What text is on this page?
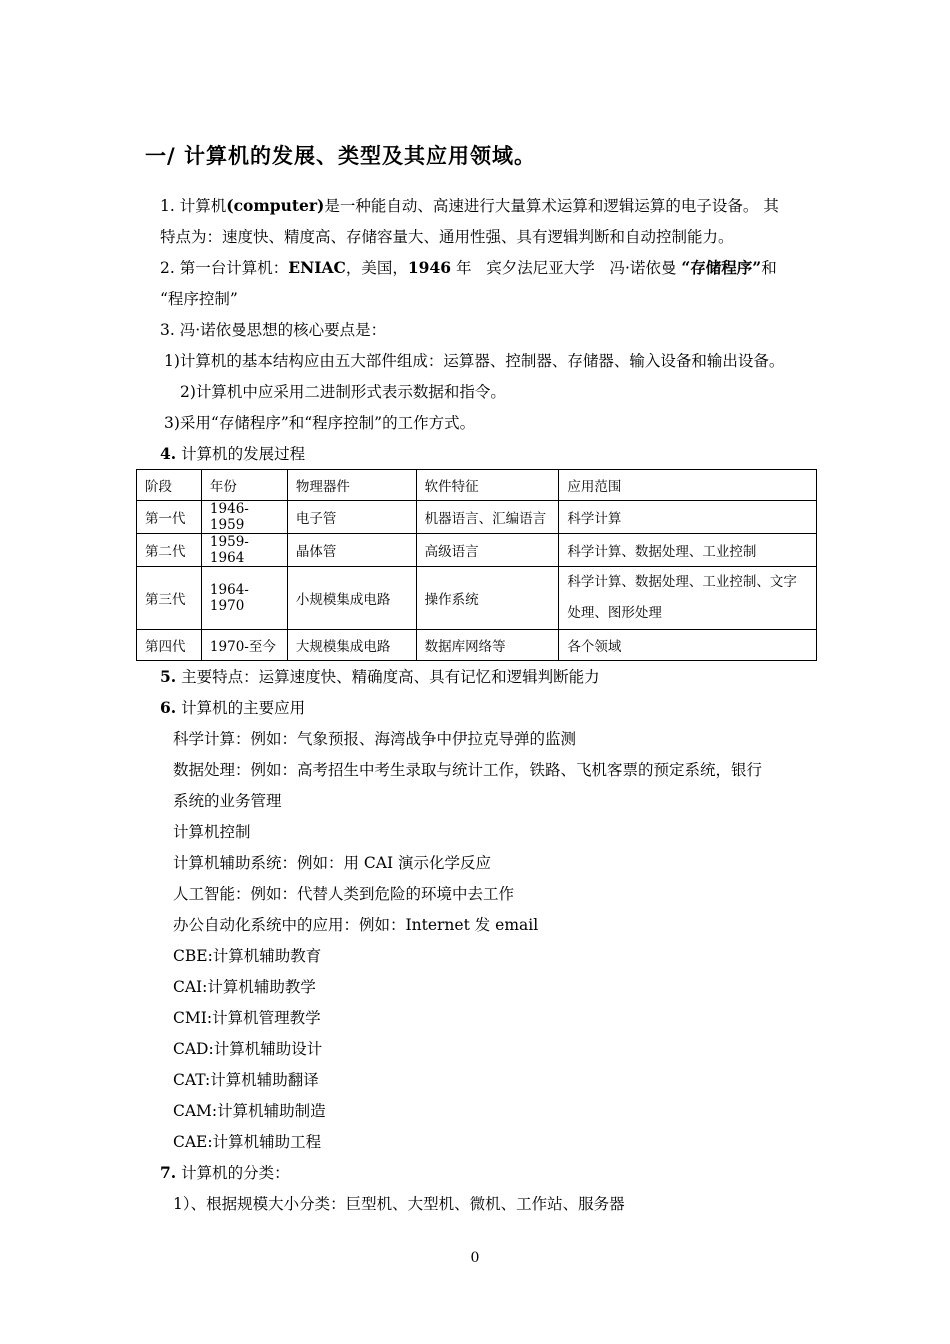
一/ 计算机的发展、类型及其应用领域。
1. 计算机(computer)是一种能自动、高速进行大量算术运算和逻辑运算的电子设备。 其
特点为：速度快、精度高、存储容量大、通用性强、具有逻辑判断和自动控制能力。
2. 第一台计算机：ENIAC，美国，1946 年   宾夕法尼亚大学   冯·诺依曼 “存储程序”和
“程序控制”
3. 冯·诺依曼思想的核心要点是：
1)计算机的基本结构应由五大部件组成：运算器、控制器、存储器、输入设备和输出设备。
2)计算机中应采用二进制形式表示数据和指令。
3)采用“存储程序”和“程序控制”的工作方式。
4. 计算机的发展过程
阶段	年份	物理器件	软件特征	应用范围
第一代	1946-1959	电子管	机器语言、汇编语言	科学计算
第二代	1959-1964	晶体管	高级语言	科学计算、数据处理、工业控制
第三代	1964-1970	小规模集成电路	操作系统	科学计算、数据处理、工业控制、文字处理、图形处理
第四代	1970-至今	大规模集成电路	数据库网络等	各个领域
5. 主要特点：运算速度快、精确度高、具有记忆和逻辑判断能力
6. 计算机的主要应用
科学计算：例如：气象预报、海湾战争中伊拉克导弹的监测
数据处理：例如：高考招生中考生录取与统计工作，铁路、飞机客票的预定系统，银行
系统的业务管理
计算机控制
计算机辅助系统：例如：用 CAI 演示化学反应
人工智能：例如：代替人类到危险的环境中去工作
办公自动化系统中的应用：例如：Internet 发 email
CBE:计算机辅助教育
CAI:计算机辅助教学
CMI:计算机管理教学
CAD:计算机辅助设计
CAT:计算机辅助翻译
CAM:计算机辅助制造
CAE:计算机辅助工程
7. 计算机的分类：
1）、根据规模大小分类：巨型机、大型机、微机、工作站、服务器
0
